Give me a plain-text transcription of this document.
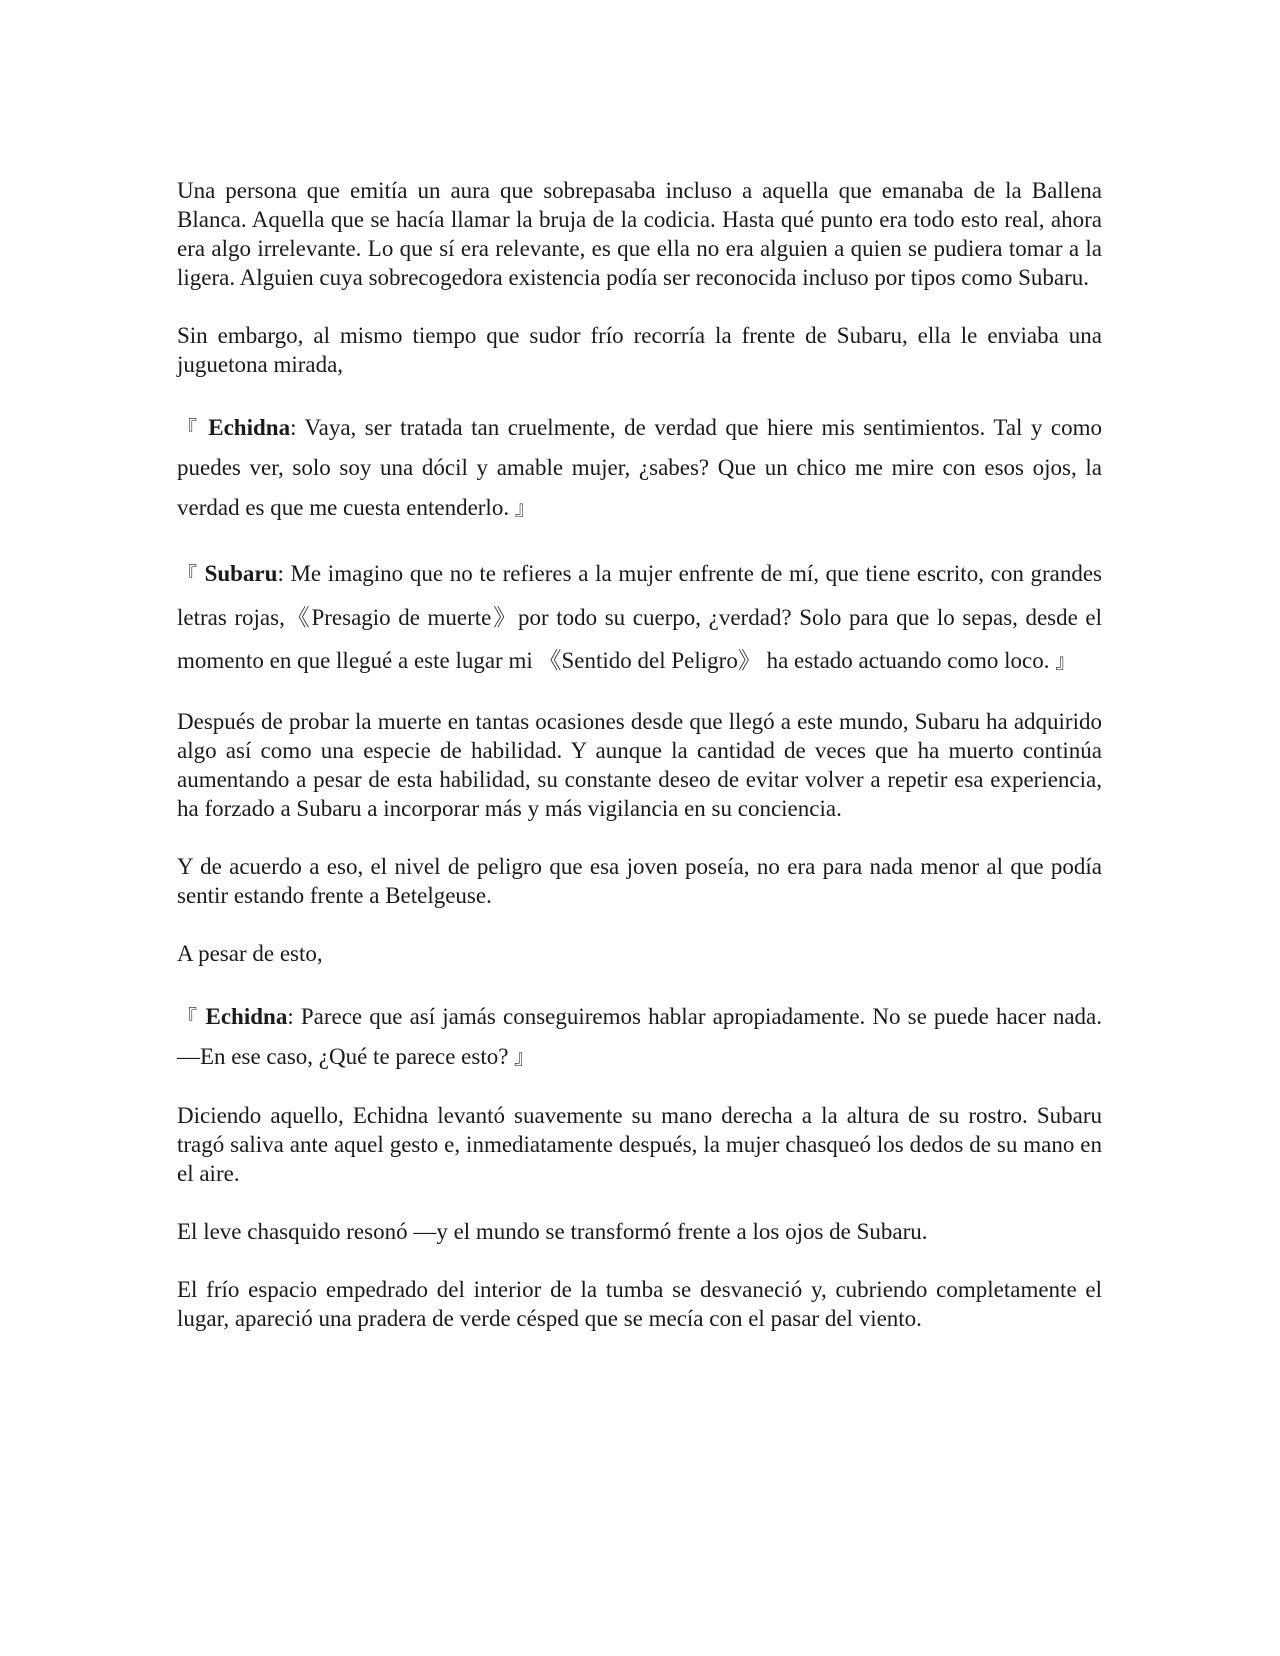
Una persona que emitía un aura que sobrepasaba incluso a aquella que emanaba de la Ballena Blanca. Aquella que se hacía llamar la bruja de la codicia. Hasta qué punto era todo esto real, ahora era algo irrelevante. Lo que sí era relevante, es que ella no era alguien a quien se pudiera tomar a la ligera. Alguien cuya sobrecogedora existencia podía ser reconocida incluso por tipos como Subaru.

Sin embargo, al mismo tiempo que sudor frío recorría la frente de Subaru, ella le enviaba una juguetona mirada,

『 Echidna: Vaya, ser tratada tan cruelmente, de verdad que hiere mis sentimientos. Tal y como puedes ver, solo soy una dócil y amable mujer, ¿sabes? Que un chico me mire con esos ojos, la verdad es que me cuesta entenderlo. 』

『 Subaru: Me imagino que no te refieres a la mujer enfrente de mí, que tiene escrito, con grandes letras rojas,《Presagio de muerte》por todo su cuerpo, ¿verdad? Solo para que lo sepas, desde el momento en que llegué a este lugar mi 《Sentido del Peligro》 ha estado actuando como loco. 』

Después de probar la muerte en tantas ocasiones desde que llegó a este mundo, Subaru ha adquirido algo así como una especie de habilidad. Y aunque la cantidad de veces que ha muerto continúa aumentando a pesar de esta habilidad, su constante deseo de evitar volver a repetir esa experiencia, ha forzado a Subaru a incorporar más y más vigilancia en su conciencia.

Y de acuerdo a eso, el nivel de peligro que esa joven poseía, no era para nada menor al que podía sentir estando frente a Betelgeuse.

A pesar de esto,

『 Echidna: Parece que así jamás conseguiremos hablar apropiadamente. No se puede hacer nada. —En ese caso, ¿Qué te parece esto? 』

Diciendo aquello, Echidna levantó suavemente su mano derecha a la altura de su rostro. Subaru tragó saliva ante aquel gesto e, inmediatamente después, la mujer chasqueó los dedos de su mano en el aire.

El leve chasquido resonó —y el mundo se transformó frente a los ojos de Subaru.

El frío espacio empedrado del interior de la tumba se desvaneció y, cubriendo completamente el lugar, apareció una pradera de verde césped que se mecía con el pasar del viento.
